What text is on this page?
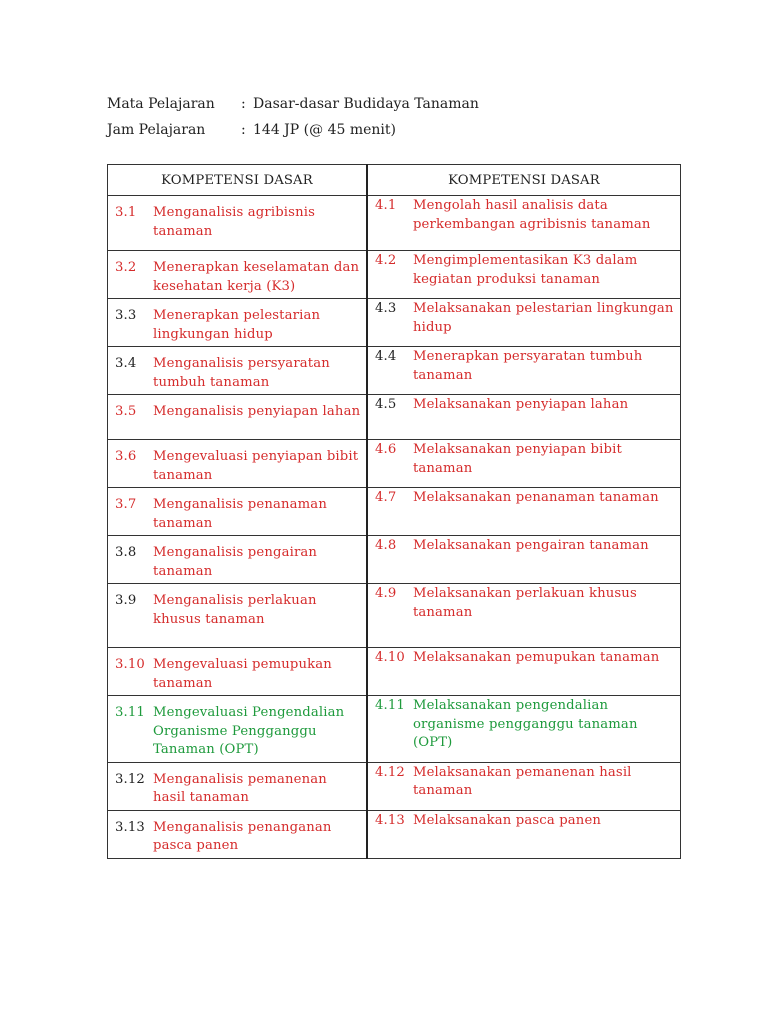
Mata Pelajaran	: Dasar-dasar Budidaya Tanaman
Jam Pelajaran	: 144 JP (@ 45 menit)
KOMPETENSI DASAR	KOMPETENSI DASAR

3.1 Menganalisis agribisnis tanaman	4.1 Mengolah hasil analisis data perkembangan agribisnis tanaman

3.2 Menerapkan keselamatan dan kesehatan kerja (K3)	4.2 Mengimplementasikan K3 dalam kegiatan produksi tanaman

3.3 Menerapkan pelestarian lingkungan hidup	4.3 Melaksanakan pelestarian lingkungan hidup

3.4 Menganalisis persyaratan tumbuh tanaman	4.4 Menerapkan persyaratan tumbuh tanaman

3.5 Menganalisis penyiapan lahan	4.5 Melaksanakan penyiapan lahan

3.6 Mengevaluasi penyiapan bibit tanaman	4.6 Melaksanakan penyiapan bibit tanaman

3.7 Menganalisis penanaman tanaman	4.7 Melaksanakan penanaman tanaman

3.8 Menganalisis pengairan tanaman	4.8 Melaksanakan pengairan tanaman

3.9 Menganalisis perlakuan khusus tanaman	4.9 Melaksanakan perlakuan khusus tanaman

3.10 Mengevaluasi pemupukan tanaman	4.10 Melaksanakan pemupukan tanaman

3.11 Mengevaluasi Pengendalian Organisme Pengganggu Tanaman (OPT)	4.11 Melaksanakan pengendalian organisme pengganggu tanaman (OPT)

3.12 Menganalisis pemanenan hasil tanaman	4.12 Melaksanakan pemanenan hasil tanaman

3.13 Menganalisis penanganan pasca panen	4.13 Melaksanakan pasca panen
